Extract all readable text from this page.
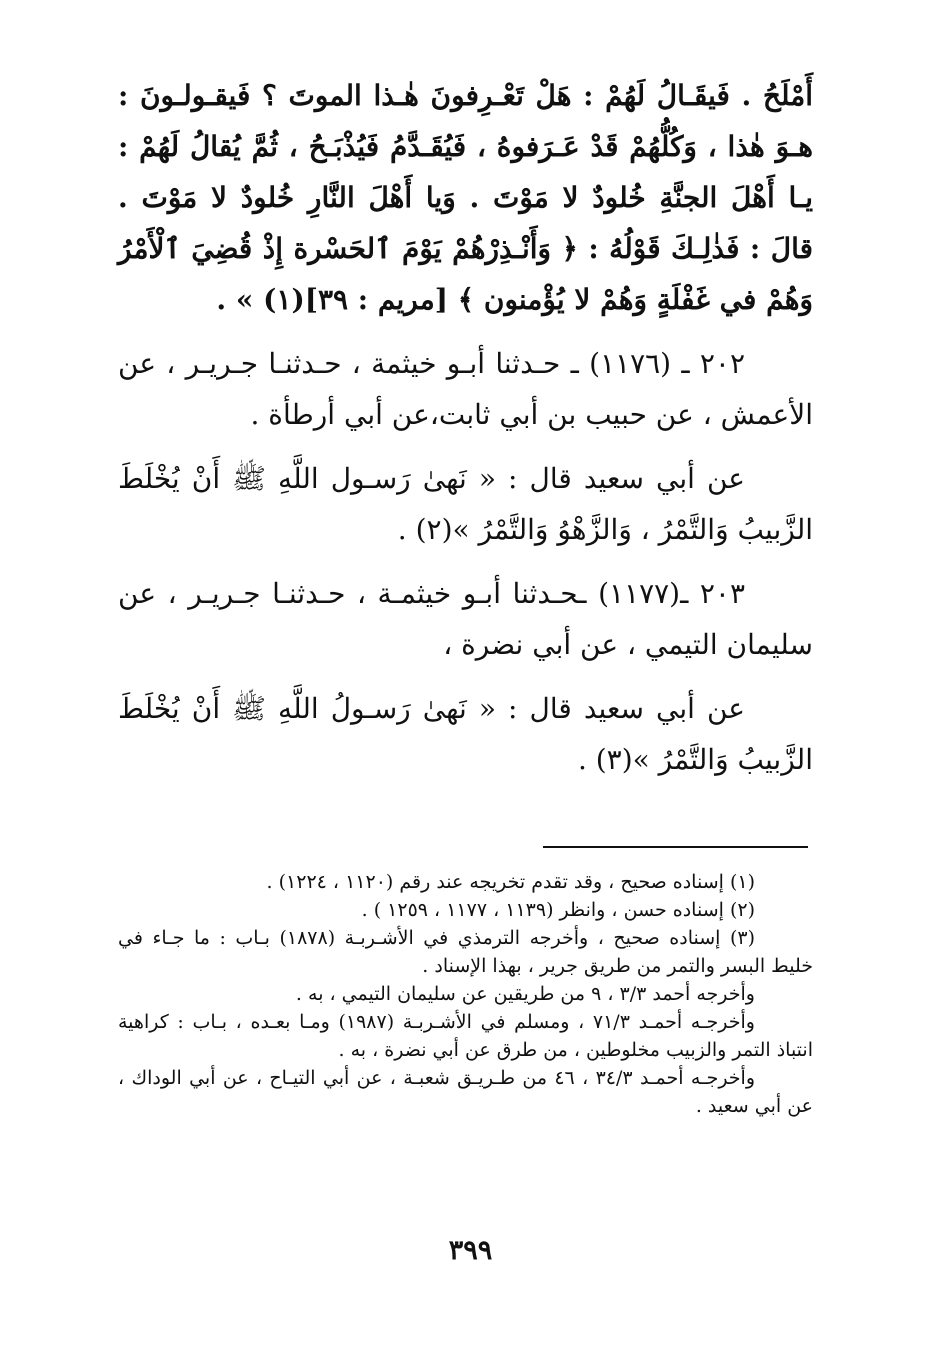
أَمْلَحُ . فَيقَـالُ لَهُمْ : هَلْ تَعْـرِفونَ هٰـذا الموتَ ؟ فَيقـولـونَ : هـوَ هٰذا ، وَكُلُّهُمْ قَدْ عَـرَفوهُ ، فَيُقَـدَّمُ فَيُذْبَـحُ ، ثُمَّ يُقالُ لَهُمْ : يـا أَهْلَ الجنَّةِ خُلودٌ لا مَوْتَ . وَيا أَهْلَ النَّارِ خُلودٌ لا مَوْتَ . قالَ : فَذٰلِـكَ قَوْلُهُ : ﴿ وَأَنْـذِرْهُمْ يَوْمَ ٱلحَسْرة إِذْ قُضِيَ ٱلْأَمْرُ وَهُمْ في غَفْلَةٍ وَهُمْ لا يُؤْمنون ﴾ [مريم : ٣٩](١) » .

٢٠٢ ـ (١١٧٦) ـ حـدثنا أبـو خيثمة ، حـدثنـا جـريـر ، عن الأعمش ، عن حبيب بن أبي ثابت،عن أبي أرطأة .

عن أبي سعيد قال : « نَهىٰ رَسـول اللَّهِ ﷺ أَنْ يُخْلَطَ الزَّبيبُ وَالتَّمْرُ ، وَالزَّهْوُ وَالتَّمْرُ »(٢) .

٢٠٣ ـ(١١٧٧) ـحـدثنا أبـو خيثمـة ، حـدثنـا جـريـر ، عن سليمان التيمي ، عن أبي نضرة ،

عن أبي سعيد قال : « نَهىٰ رَسـولُ اللَّهِ ﷺ أَنْ يُخْلَطَ الزَّبيبُ وَالتَّمْرُ »(٣) .

(١) إسناده صحيح ، وقد تقدم تخريجه عند رقم (١١٢٠ ، ١٢٢٤) .

(٢) إسناده حسن ، وانظر (١١٣٩ ، ١١٧٧ ، ١٢٥٩ ) .

(٣) إسناده صحيح ، وأخرجه الترمذي في الأشـربـة (١٨٧٨) بـاب : ما جـاء في خليط البسر والتمر من طريق جرير ، بهذا الإسناد .

وأخرجه أحمد ٣/٣ ، ٩ من طريقين عن سليمان التيمي ، به .

وأخرجـه أحمـد ٧١/٣ ، ومسلم في الأشـربـة (١٩٨٧) ومـا بعـده ، بـاب : كراهية انتباذ التمر والزبيب مخلوطين ، من طرق عن أبي نضرة ، به .

وأخرجـه أحمـد ٣٤/٣ ، ٤٦ من طـريـق شعبـة ، عن أبي التيـاح ، عن أبي الوداك ، عن أبي سعيد .

٣٩٩
